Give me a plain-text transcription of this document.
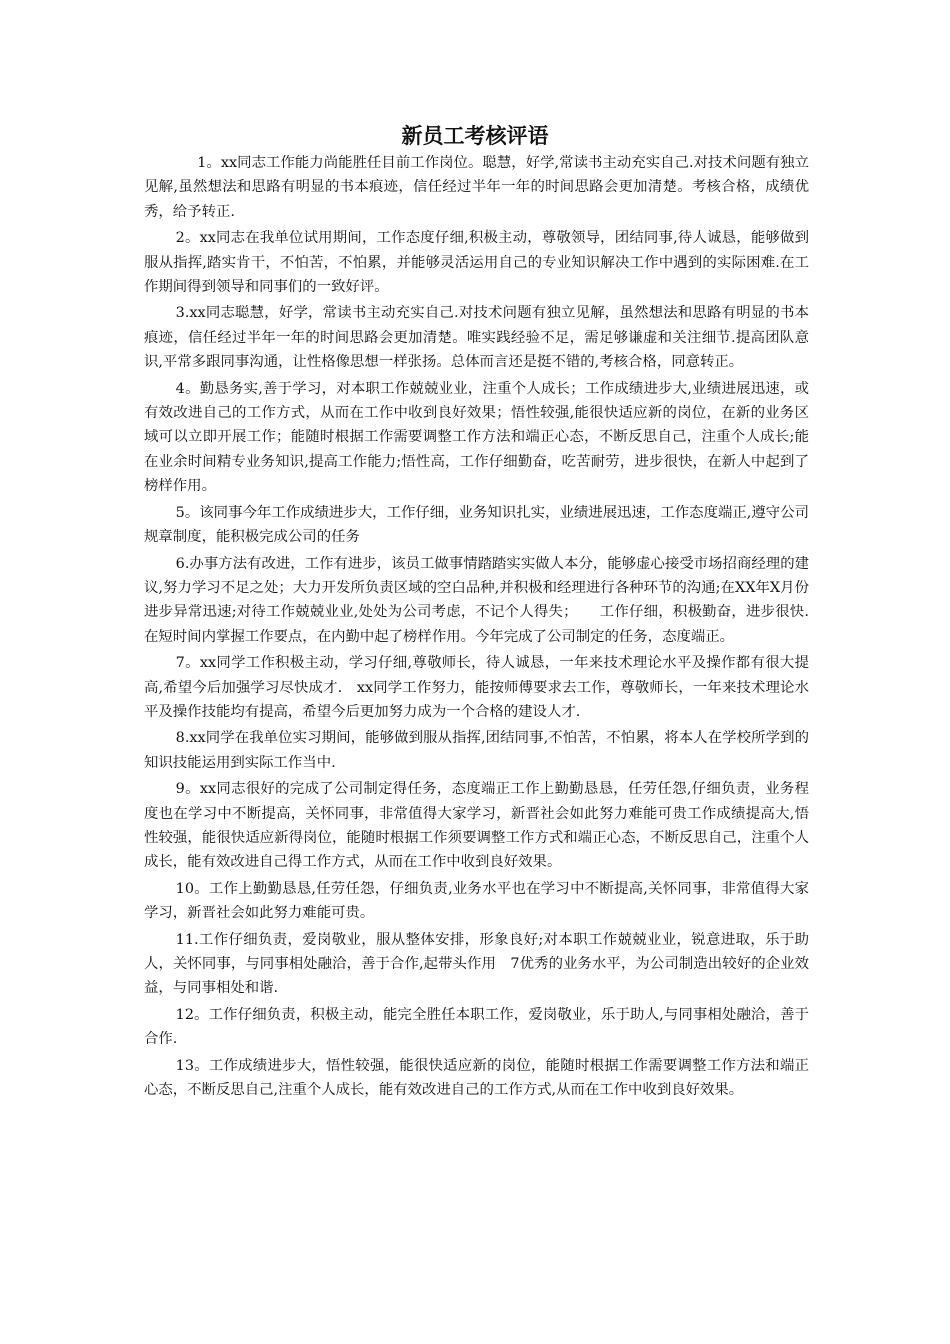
新员工考核评语

1。xx同志工作能力尚能胜任目前工作岗位。聪慧，好学,常读书主动充实自己.对技术问题有独立见解,虽然想法和思路有明显的书本痕迹，信任经过半年一年的时间思路会更加清楚。考核合格，成绩优秀，给予转正.

2。xx同志在我单位试用期间，工作态度仔细,积极主动，尊敬领导，团结同事,待人诚恳，能够做到服从指挥,踏实肯干，不怕苦，不怕累，并能够灵活运用自己的专业知识解决工作中遇到的实际困难.在工作期间得到领导和同事们的一致好评。

3.xx同志聪慧，好学，常读书主动充实自己.对技术问题有独立见解，虽然想法和思路有明显的书本痕迹，信任经过半年一年的时间思路会更加清楚。唯实践经验不足，需足够谦虚和关注细节.提高团队意识,平常多跟同事沟通，让性格像思想一样张扬。总体而言还是挺不错的,考核合格，同意转正。

4。勤恳务实,善于学习，对本职工作兢兢业业，注重个人成长；工作成绩进步大,业绩进展迅速，或有效改进自己的工作方式，从而在工作中收到良好效果；悟性较强,能很快适应新的岗位，在新的业务区域可以立即开展工作；能随时根据工作需要调整工作方法和端正心态，不断反思自己，注重个人成长;能在业余时间精专业务知识,提高工作能力;悟性高，工作仔细勤奋，吃苦耐劳，进步很快，在新人中起到了榜样作用。

5。该同事今年工作成绩进步大，工作仔细，业务知识扎实，业绩进展迅速，工作态度端正,遵守公司规章制度，能积极完成公司的任务

6.办事方法有改进，工作有进步，该员工做事情踏踏实实做人本分，能够虚心接受市场招商经理的建议,努力学习不足之处；大力开发所负责区域的空白品种,并积极和经理进行各种环节的沟通;在XX年X月份进步异常迅速;对待工作兢兢业业,处处为公司考虑，不记个人得失；　　工作仔细，积极勤奋，进步很快.在短时间内掌握工作要点，在内勤中起了榜样作用。今年完成了公司制定的任务，态度端正。

7。xx同学工作积极主动，学习仔细,尊敬师长，待人诚恳，一年来技术理论水平及操作都有很大提高,希望今后加强学习尽快成才.　xx同学工作努力，能按师傅要求去工作，尊敬师长，一年来技术理论水平及操作技能均有提高，希望今后更加努力成为一个合格的建设人才.

8.xx同学在我单位实习期间，能够做到服从指挥,团结同事,不怕苦，不怕累，将本人在学校所学到的知识技能运用到实际工作当中.

9。xx同志很好的完成了公司制定得任务，态度端正工作上勤勤恳恳，任劳任怨,仔细负责，业务程度也在学习中不断提高，关怀同事，非常值得大家学习，新晋社会如此努力难能可贵工作成绩提高大,悟性较强，能很快适应新得岗位，能随时根据工作须要调整工作方式和端正心态，不断反思自己，注重个人成长，能有效改进自己得工作方式，从而在工作中收到良好效果。

10。工作上勤勤恳恳,任劳任怨，仔细负责,业务水平也在学习中不断提高,关怀同事，非常值得大家学习，新晋社会如此努力难能可贵。

11.工作仔细负责，爱岗敬业，服从整体安排，形象良好;对本职工作兢兢业业，锐意进取，乐于助人，关怀同事，与同事相处融洽，善于合作,起带头作用　7优秀的业务水平，为公司制造出较好的企业效益，与同事相处和谐.

12。工作仔细负责，积极主动，能完全胜任本职工作，爱岗敬业，乐于助人,与同事相处融洽，善于合作.

13。工作成绩进步大，悟性较强，能很快适应新的岗位，能随时根据工作需要调整工作方法和端正心态，不断反思自己,注重个人成长，能有效改进自己的工作方式,从而在工作中收到良好效果。
